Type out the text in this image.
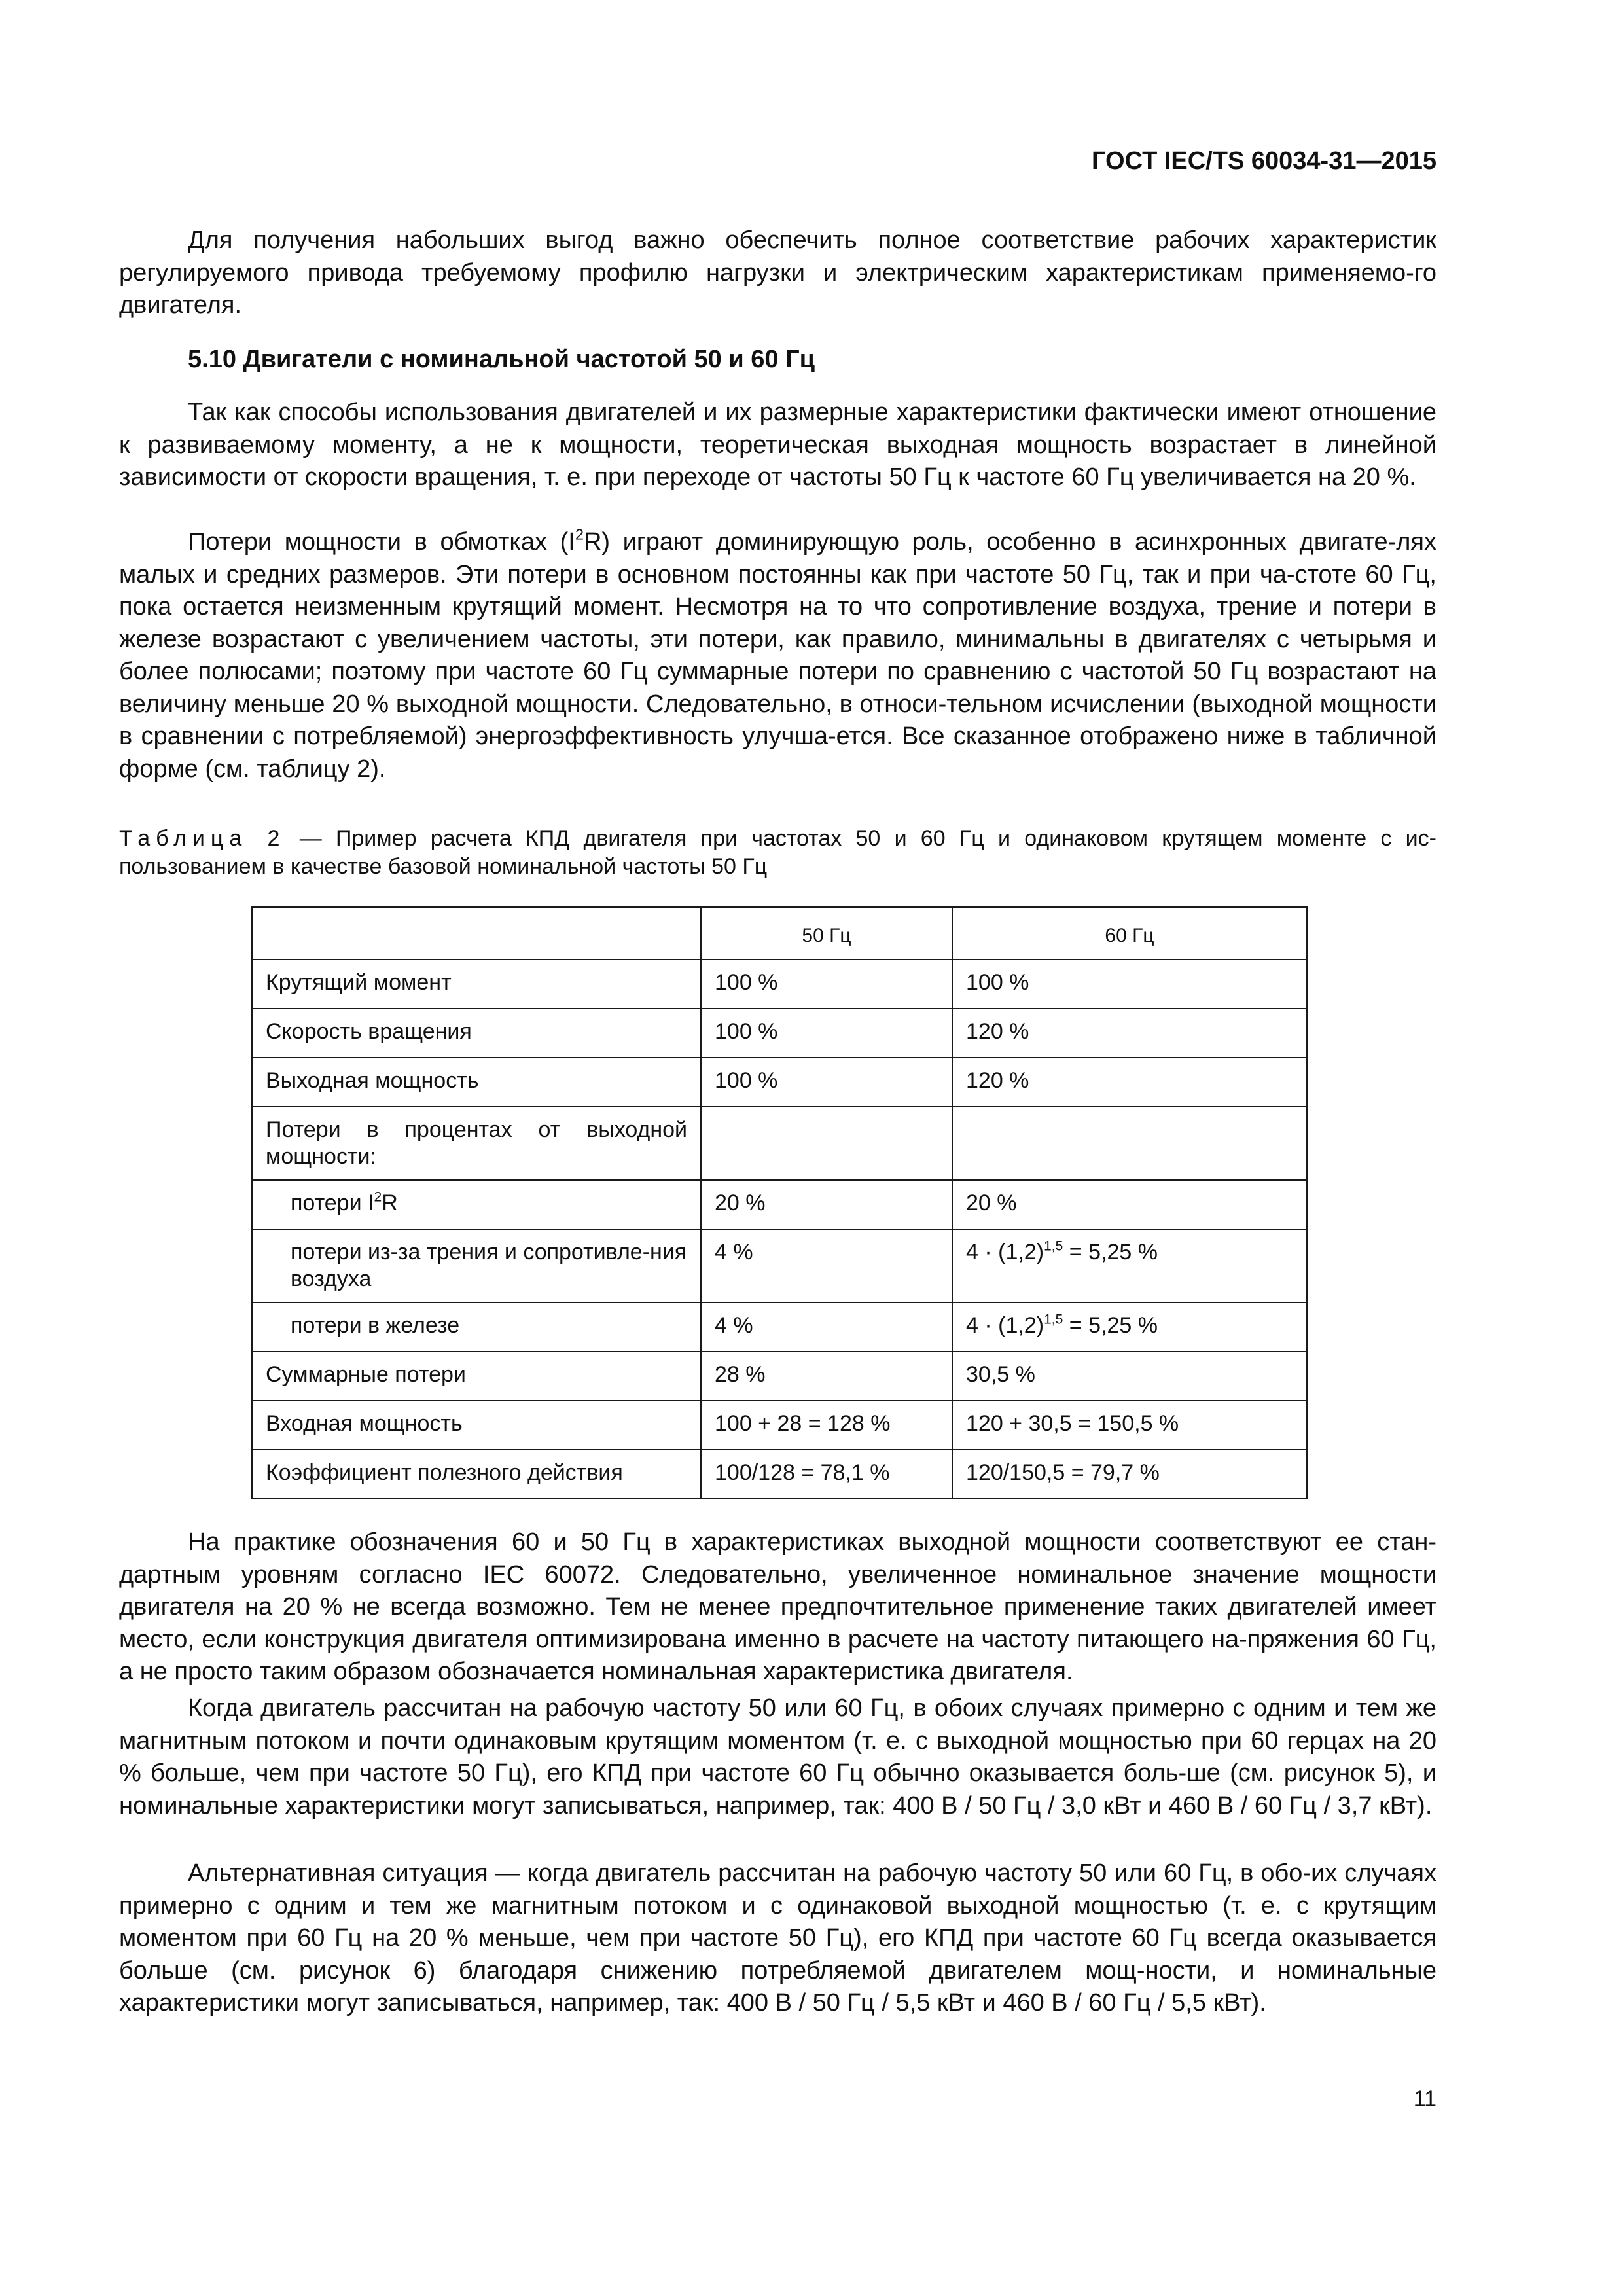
ГОСТ IEC/TS 60034-31—2015

Для получения набольших выгод важно обеспечить полное соответствие рабочих характеристик регулируемого привода требуемому профилю нагрузки и электрическим характеристикам применяемо-го двигателя.

5.10 Двигатели с номинальной частотой 50 и 60 Гц

Так как способы использования двигателей и их размерные характеристики фактически имеют отношение к развиваемому моменту, а не к мощности, теоретическая выходная мощность возрастает в линейной зависимости от скорости вращения, т. е. при переходе от частоты 50 Гц к частоте 60 Гц увеличивается на 20 %.

Потери мощности в обмотках $(I^2R)$ играют доминирующую роль, особенно в асинхронных двигате-лях малых и средних размеров. Эти потери в основном постоянны как при частоте 50 Гц, так и при ча-стоте 60 Гц, пока остается неизменным крутящий момент. Несмотря на то что сопротивление воздуха, трение и потери в железе возрастают с увеличением частоты, эти потери, как правило, минимальны в двигателях с четырьмя и более полюсами; поэтому при частоте 60 Гц суммарные потери по сравнению с частотой 50 Гц возрастают на величину меньше 20 % выходной мощности. Следовательно, в относи-тельном исчислении (выходной мощности в сравнении с потребляемой) энергоэффективность улучша-ется. Все сказанное отображено ниже в табличной форме (см. таблицу 2).

Таблица 2 — Пример расчета КПД двигателя при частотах 50 и 60 Гц и одинаковом крутящем моменте с ис-пользованием в качестве базовой номинальной частоты 50 Гц

	50 Гц	60 Гц
Крутящий момент	100 %	100 %
Скорость вращения	100 %	120 %
Выходная мощность	100 %	120 %
Потери в процентах от выходной мощности:		
потери $I^2R$	20 %	20 %
потери из-за трения и сопротивле-ния воздуха	4 %	$4 \cdot (1,2)^{1,5} = 5,25$ %
потери в железе	4 %	$4 \cdot (1,2)^{1,5} = 5,25$ %
Суммарные потери	28 %	30,5 %
Входная мощность	100 + 28 = 128 %	120 + 30,5 = 150,5 %
Коэффициент полезного действия	100/128 = 78,1 %	120/150,5 = 79,7 %

На практике обозначения 60 и 50 Гц в характеристиках выходной мощности соответствуют ее стан-дартным уровням согласно IEC 60072. Следовательно, увеличенное номинальное значение мощности двигателя на 20 % не всегда возможно. Тем не менее предпочтительное применение таких двигателей имеет место, если конструкция двигателя оптимизирована именно в расчете на частоту питающего на-пряжения 60 Гц, а не просто таким образом обозначается номинальная характеристика двигателя.

Когда двигатель рассчитан на рабочую частоту 50 или 60 Гц, в обоих случаях примерно с одним и тем же магнитным потоком и почти одинаковым крутящим моментом (т. е. с выходной мощностью при 60 герцах на 20 % больше, чем при частоте 50 Гц), его КПД при частоте 60 Гц обычно оказывается боль-ше (см. рисунок 5), и номинальные характеристики могут записываться, например, так: 400 В / 50 Гц / 3,0 кВт и 460 В / 60 Гц / 3,7 кВт).

Альтернативная ситуация — когда двигатель рассчитан на рабочую частоту 50 или 60 Гц, в обо-их случаях примерно с одним и тем же магнитным потоком и с одинаковой выходной мощностью (т. е. с крутящим моментом при 60 Гц на 20 % меньше, чем при частоте 50 Гц), его КПД при частоте 60 Гц всегда оказывается больше (см. рисунок 6) благодаря снижению потребляемой двигателем мощ-ности, и номинальные характеристики могут записываться, например, так: 400 В / 50 Гц / 5,5 кВт и 460 В / 60 Гц / 5,5 кВт).

11
